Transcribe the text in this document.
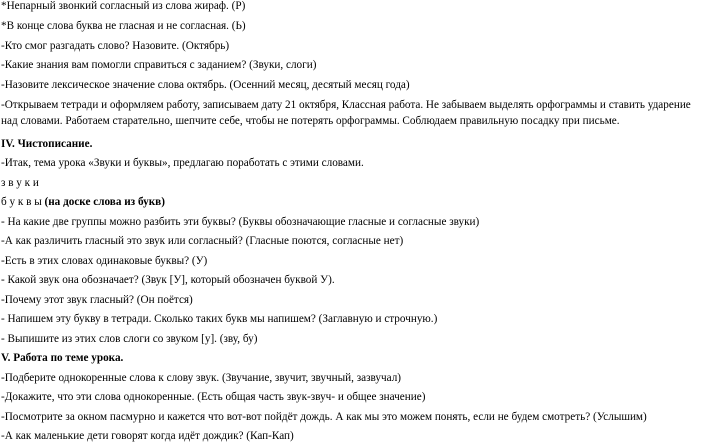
*Непарный звонкий согласный из слова жираф. (Р)
*В конце слова буква не гласная и не согласная. (Ь)
-Кто смог разгадать слово? Назовите. (Октябрь)
-Какие знания вам помогли справиться с заданием? (Звуки, слоги)
-Назовите лексическое значение слова октябрь. (Осенний месяц, десятый месяц года)
-Открываем тетради и оформляем работу, записываем дату 21 октября, Классная работа. Не забываем выделять орфограммы и ставить ударение над словами. Работаем старательно, шепчите себе, чтобы не потерять орфограммы. Соблюдаем правильную посадку при письме.
IV. Чистописание.
-Итак, тема урока «Звуки и буквы», предлагаю поработать с этими словами.
з в у к и
б у к в ы (на доске слова из букв)
- На какие две группы можно разбить эти буквы? (Буквы обозначающие гласные и согласные звуки)
-А как различить гласный это звук или согласный? (Гласные поются, согласные нет)
-Есть в этих словах одинаковые буквы? (У)
- Какой звук она обозначает? (Звук [У], который обозначен буквой У).
-Почему этот звук гласный? (Он поётся)
- Напишем эту букву в тетради. Сколько таких букв мы напишем? (Заглавную и строчную.)
- Выпишите из этих слов слоги со звуком [у]. (зву, бу)
V. Работа по теме урока.
-Подберите однокоренные слова к слову звук. (Звучание, звучит, звучный, зазвучал)
-Докажите, что эти слова однокоренные. (Есть общая часть звук-звуч- и общее значение)
-Посмотрите за окном пасмурно и кажется что вот-вот пойдёт дождь. А как мы это можем понять, если не будем смотреть? (Услышим)
-А как маленькие дети говорят когда идёт дождик? (Кап-Кап)
